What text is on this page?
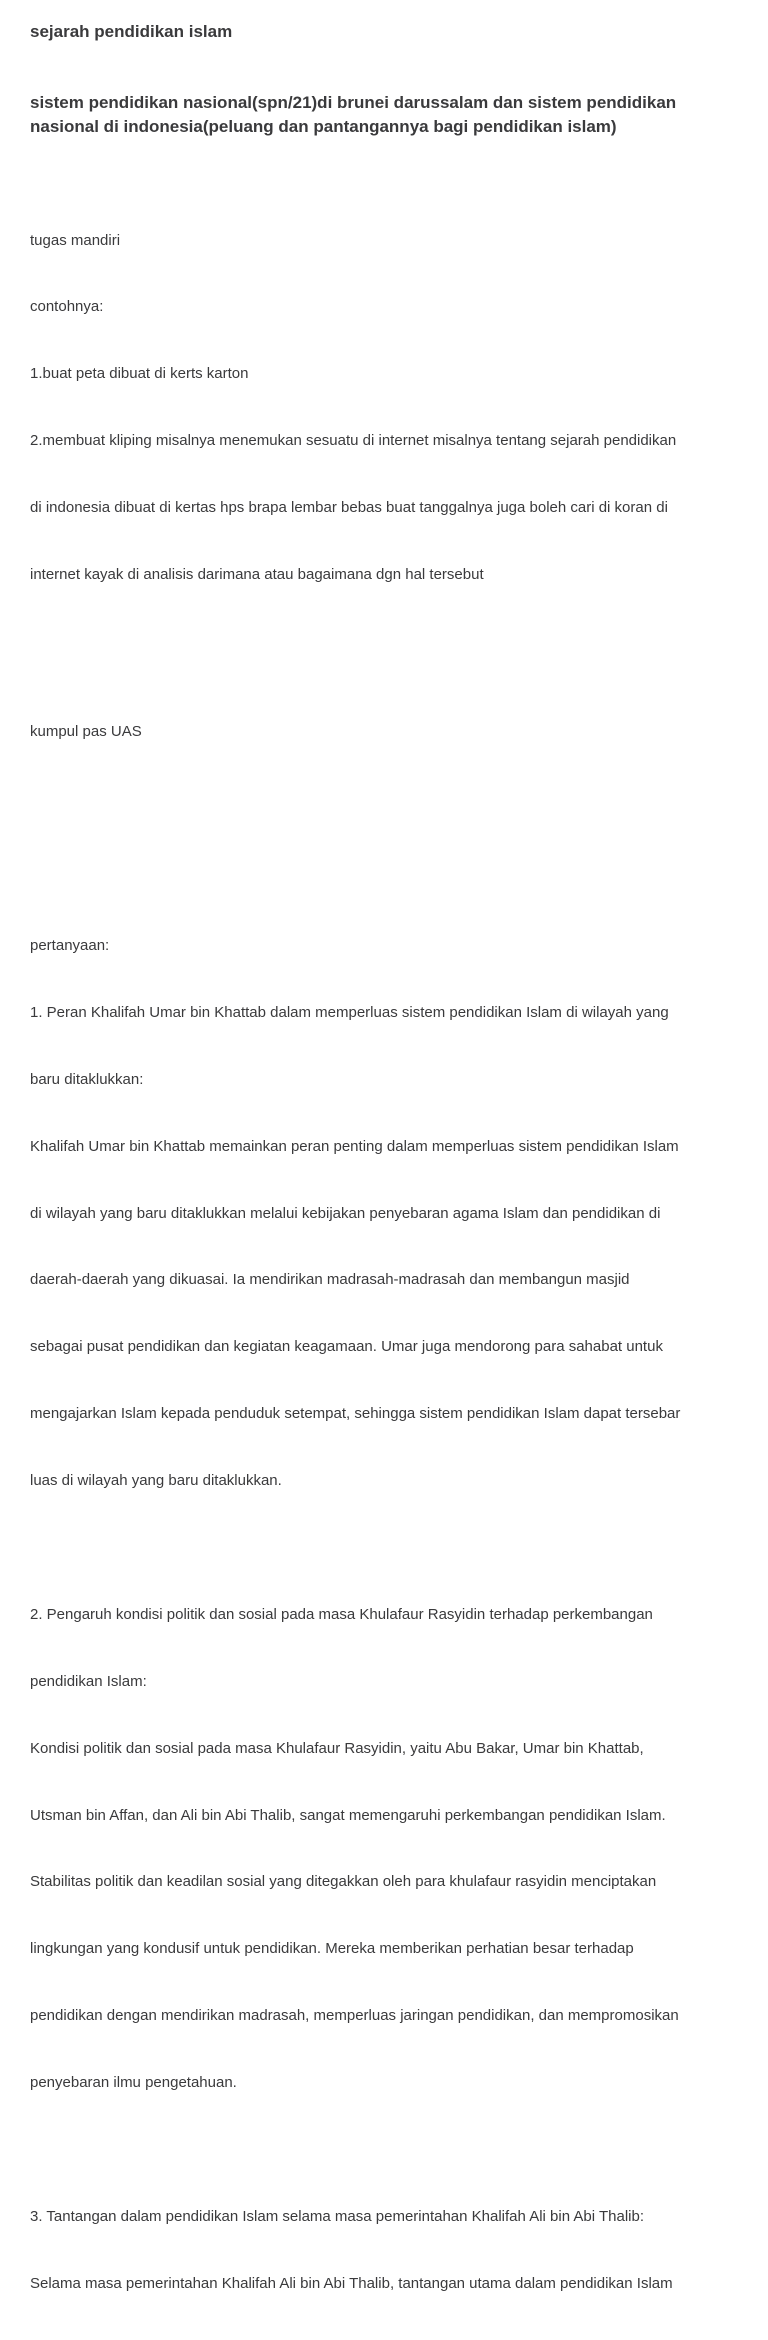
sejarah pendidikan islam
sistem pendidikan nasional(spn/21)di brunei darussalam dan sistem pendidikan nasional di indonesia(peluang dan pantangannya bagi pendidikan islam)

tugas mandiri

contohnya:

1.buat peta dibuat di kerts karton

2.membuat kliping misalnya menemukan sesuatu di internet misalnya tentang sejarah pendidikan

di indonesia dibuat di kertas hps brapa lembar bebas buat tanggalnya juga boleh cari di koran di

internet kayak di analisis darimana atau bagaimana dgn hal tersebut

kumpul pas UAS

pertanyaan:

1. Peran Khalifah Umar bin Khattab dalam memperluas sistem pendidikan Islam di wilayah yang

baru ditaklukkan:

Khalifah Umar bin Khattab memainkan peran penting dalam memperluas sistem pendidikan Islam

di wilayah yang baru ditaklukkan melalui kebijakan penyebaran agama Islam dan pendidikan di

daerah-daerah yang dikuasai. Ia mendirikan madrasah-madrasah dan membangun masjid

sebagai pusat pendidikan dan kegiatan keagamaan. Umar juga mendorong para sahabat untuk

mengajarkan Islam kepada penduduk setempat, sehingga sistem pendidikan Islam dapat tersebar

luas di wilayah yang baru ditaklukkan.

2. Pengaruh kondisi politik dan sosial pada masa Khulafaur Rasyidin terhadap perkembangan

pendidikan Islam:

Kondisi politik dan sosial pada masa Khulafaur Rasyidin, yaitu Abu Bakar, Umar bin Khattab,

Utsman bin Affan, dan Ali bin Abi Thalib, sangat memengaruhi perkembangan pendidikan Islam.

Stabilitas politik dan keadilan sosial yang ditegakkan oleh para khulafaur rasyidin menciptakan

lingkungan yang kondusif untuk pendidikan. Mereka memberikan perhatian besar terhadap

pendidikan dengan mendirikan madrasah, memperluas jaringan pendidikan, dan mempromosikan

penyebaran ilmu pengetahuan.

3. Tantangan dalam pendidikan Islam selama masa pemerintahan Khalifah Ali bin Abi Thalib:

Selama masa pemerintahan Khalifah Ali bin Abi Thalib, tantangan utama dalam pendidikan Islam
